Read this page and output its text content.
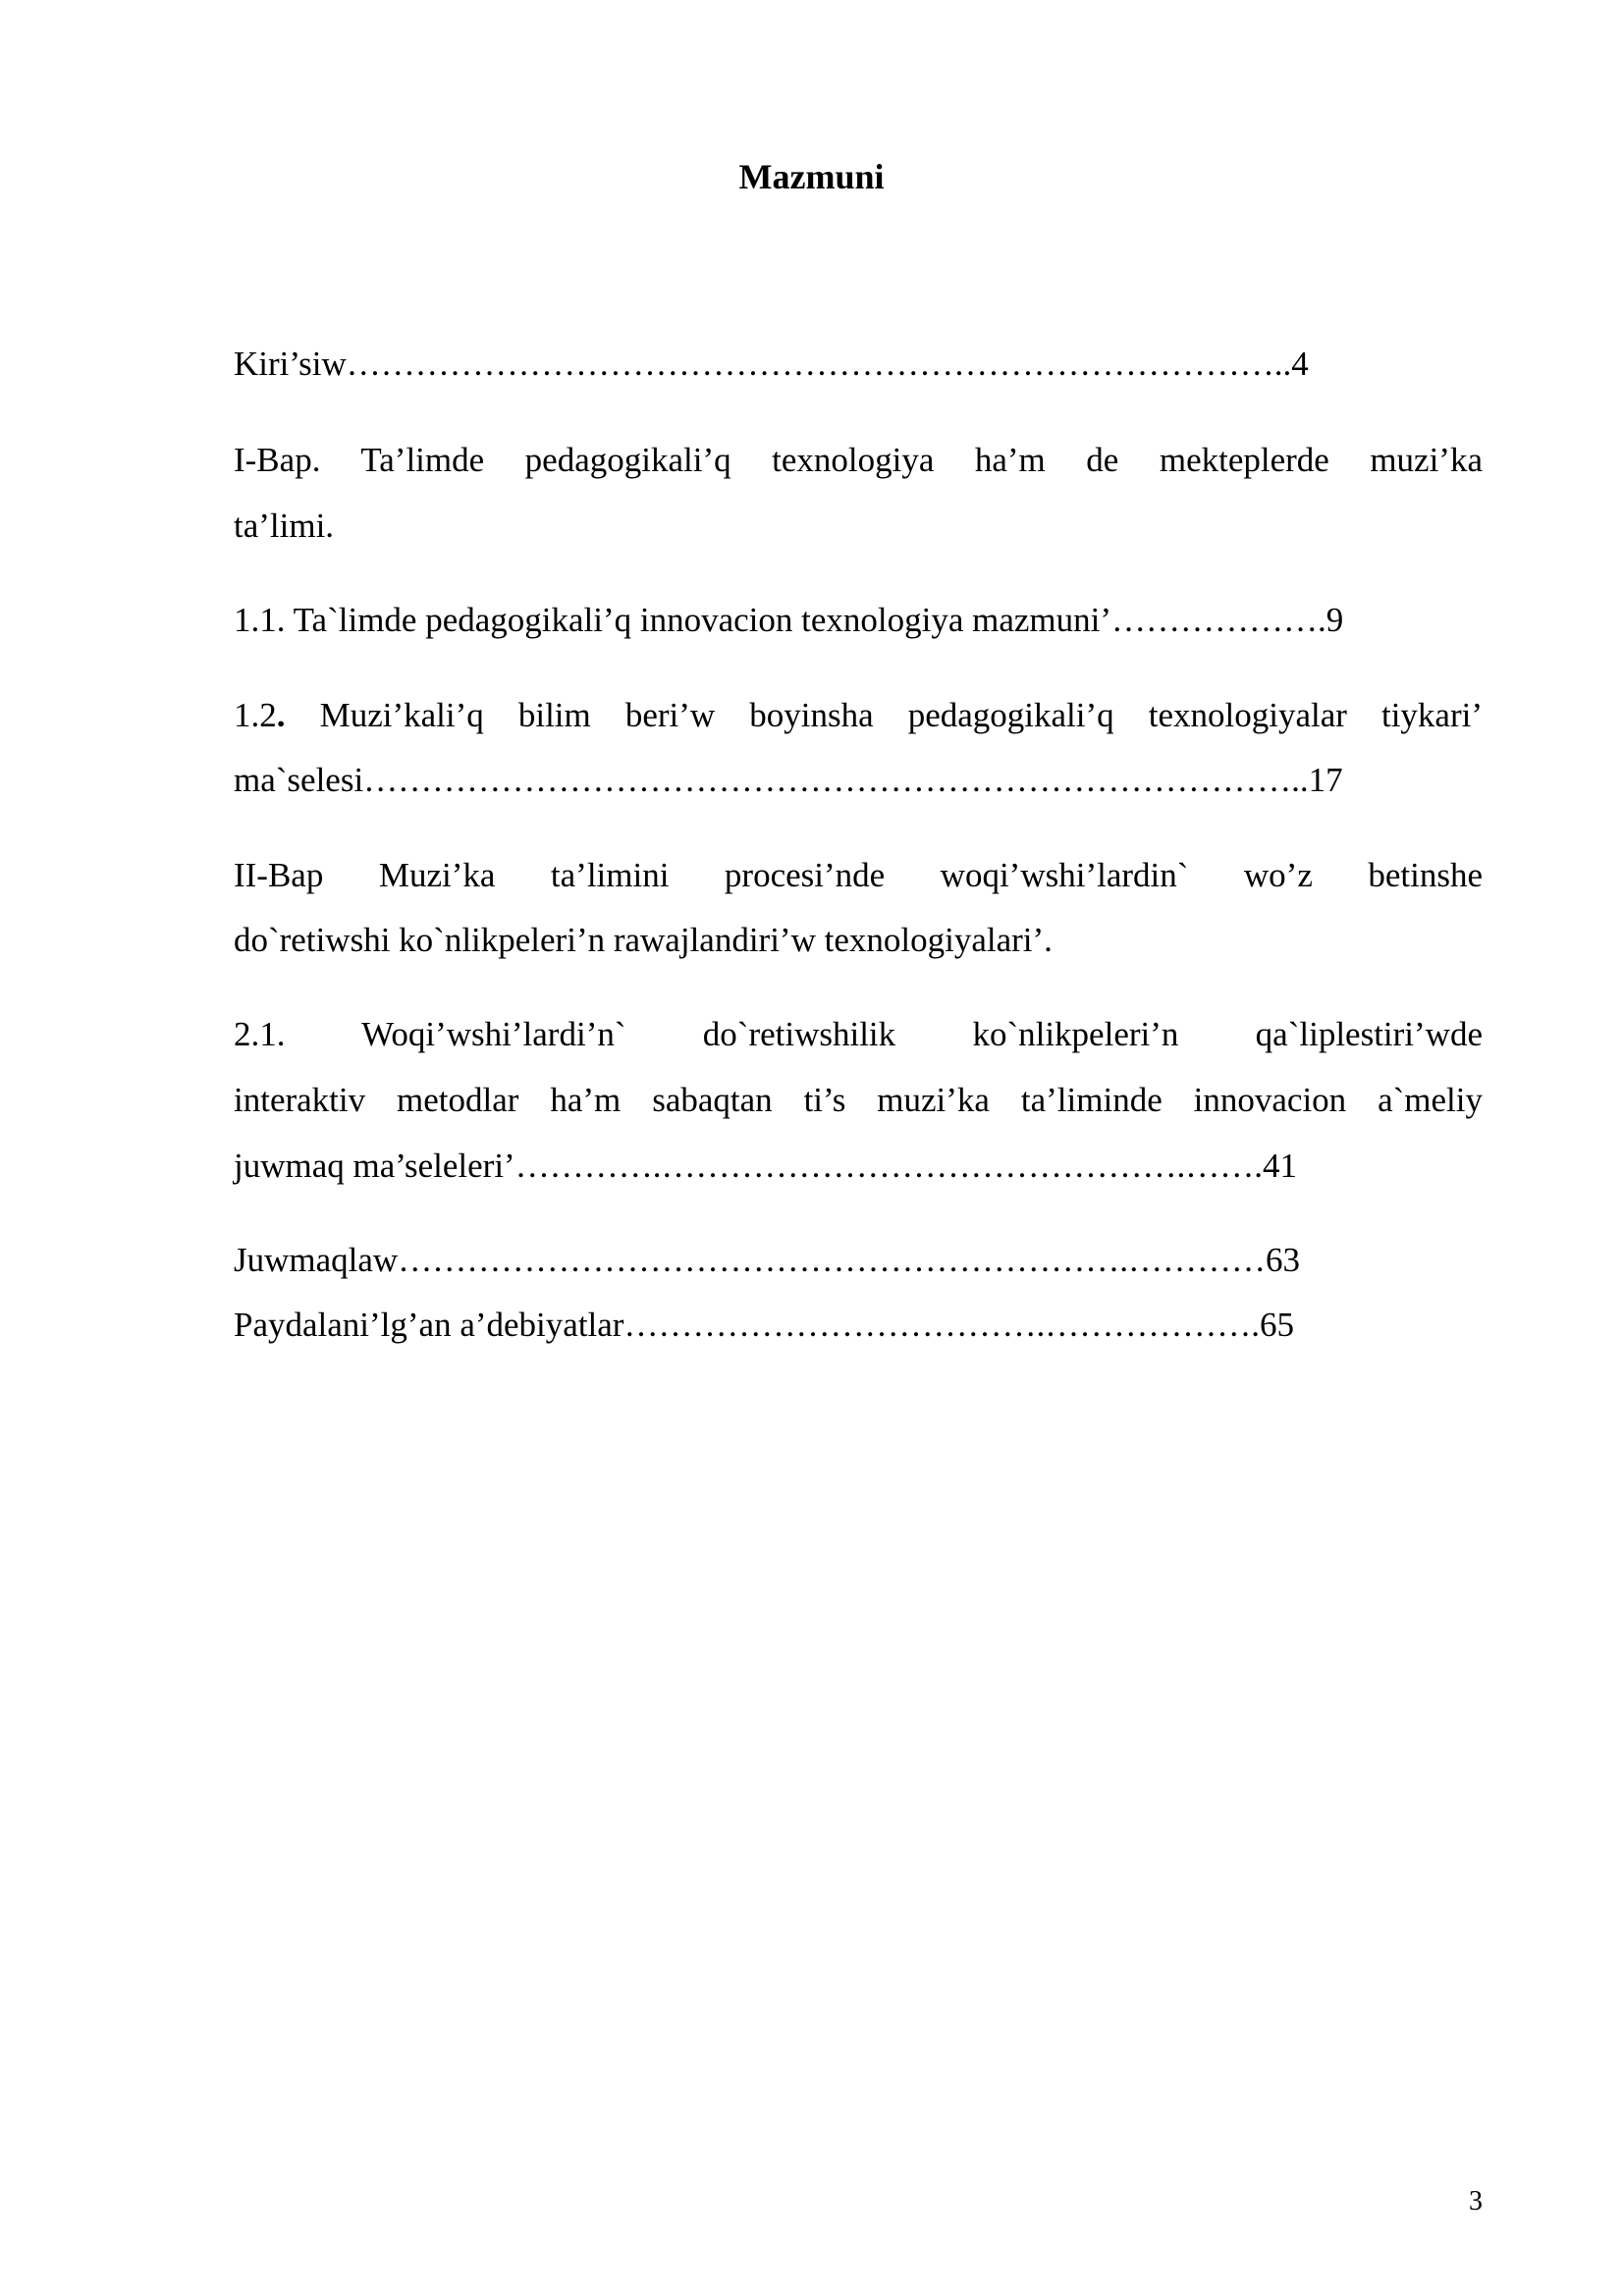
Mazmuni
Kiri’siw………………………………………………………………………..4
I-Bap. Ta’limde pedagogikali’q texnologiya ha’m de mekteplerde muzi’ka
ta’limi.
1.1. Ta`limde pedagogikali’q innovacion texnologiya mazmuni’……………….9
1.2. Muzi’kali’q bilim beri’w boyinsha pedagogikali’q texnologiyalar tiykari’
ma`selesi………………………………………………………………………..17
II-Bap Muzi’ka ta’limini procesi’nde woqi’wshi’lardin` wo’z betinshe
do`retiwshi ko`nlikpeleri’n rawajlandiri’w texnologiyalari’.
2.1. Woqi’wshi’lardi’n` do`retiwshilik ko`nlikpeleri’n qa`liplestiri’wde
interaktiv metodlar ha’m sabaqtan ti’s muzi’ka ta’liminde innovacion a`meliy
juwmaq ma’seleleri’………….……………………………………….…….41
Juwmaqlaw……………………………………………………….…………63
Paydalani’lg’an a’debiyatlar……………………………….……………….65
3
